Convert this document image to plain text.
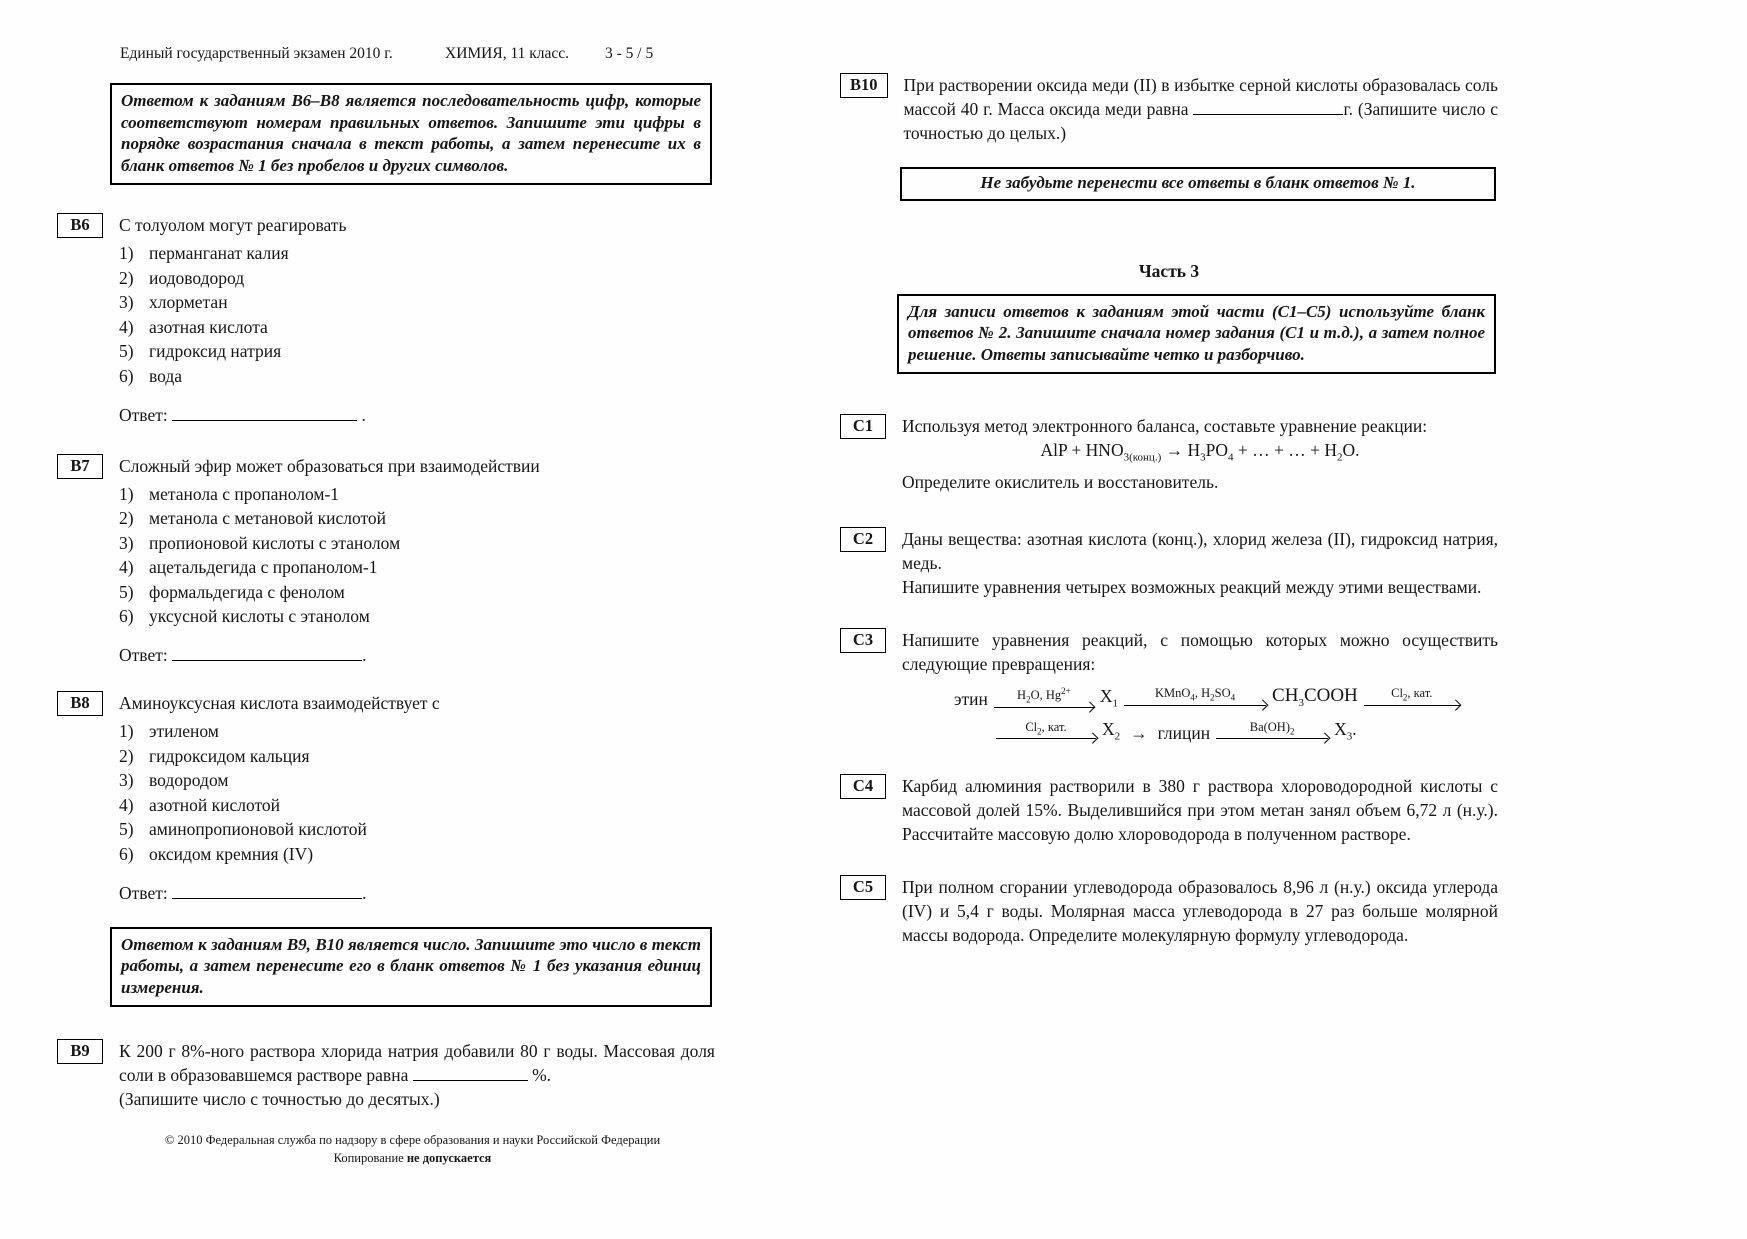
Единый государственный экзамен 2010 г.	ХИМИЯ, 11 класс. 3 - 5 / 5
Ответом к заданиям В6–В8 является последовательность цифр, которые соответствуют номерам правильных ответов. Запишите эти цифры в порядке возрастания сначала в текст работы, а затем перенесите их в бланк ответов № 1 без пробелов и других символов.
В6	С толуолом могут реагировать
1) перманганат калия
2) иодоводород
3) хлорметан
4) азотная кислота
5) гидроксид натрия
6) вода
Ответ:	.
В7	Сложный эфир может образоваться при взаимодействии
1) метанола с пропанолом-1
2) метанола с метановой кислотой
3) пропионовой кислоты с этанолом
4) ацетальдегида с пропанолом-1
5) формальдегида с фенолом
6) уксусной кислоты с этанолом
Ответ:	.
В8	Аминоуксусная кислота взаимодействует с
1) этиленом
2) гидроксидом кальция
3) водородом
4) азотной кислотой
5) аминопропионовой кислотой
6) оксидом кремния (IV)
Ответ:	.
Ответом к заданиям В9, В10 является число. Запишите это число в текст работы, а затем перенесите его в бланк ответов № 1 без указания единиц измерения.
В9	К 200 г 8%-ного раствора хлорида натрия добавили 80 г воды. Массовая доля соли в образовавшемся растворе равна	%.
(Запишите число с точностью до десятых.)
© 2010 Федеральная служба по надзору в сфере образования и науки Российской Федерации
Копирование не допускается
В10	При растворении оксида меди (II) в избытке серной кислоты образовалась соль массой 40 г. Масса оксида меди равна	г. (Запишите число с точностью до целых.)
Не забудьте перенести все ответы в бланк ответов № 1.
Часть 3
Для записи ответов к заданиям этой части (С1–С5) используйте бланк ответов № 2. Запишите сначала номер задания (С1 и т.д.), а затем полное решение. Ответы записывайте четко и разборчиво.
С1	Используя метод электронного баланса, составьте уравнение реакции:
AlP + $HNO_{3(конц.)} \to H_3PO_4$ + … + … + $H_2O$.
Определите окислитель и восстановитель.
С2	Даны вещества: азотная кислота (конц.), хлорид железа (II), гидроксид натрия, медь.
Напишите уравнения четырех возможных реакций между этими веществами.
С3	Напишите уравнения реакций, с помощью которых можно осуществить следующие превращения:
этин	$H_2O$, $Hg^{2+}$ $X_1$
KMnO$_4$, $H_2SO_4$ $CH_3COOH$	$Cl_2$, кат.
$Cl_2$, кат. $X_2$ → глицин	$Ba(OH)_2$ $X_3$.
С4	Карбид алюминия растворили в 380 г раствора хлороводородной кислоты с массовой долей 15%. Выделившийся при этом метан занял объем 6,72 л (н.у.). Рассчитайте массовую долю хлороводорода в полученном растворе.
С5	При полном сгорании углеводорода образовалось 8,96 л (н.у.) оксида углерода (IV) и 5,4 г воды. Молярная масса углеводорода в 27 раз больше молярной массы водорода. Определите молекулярную формулу углеводорода.
